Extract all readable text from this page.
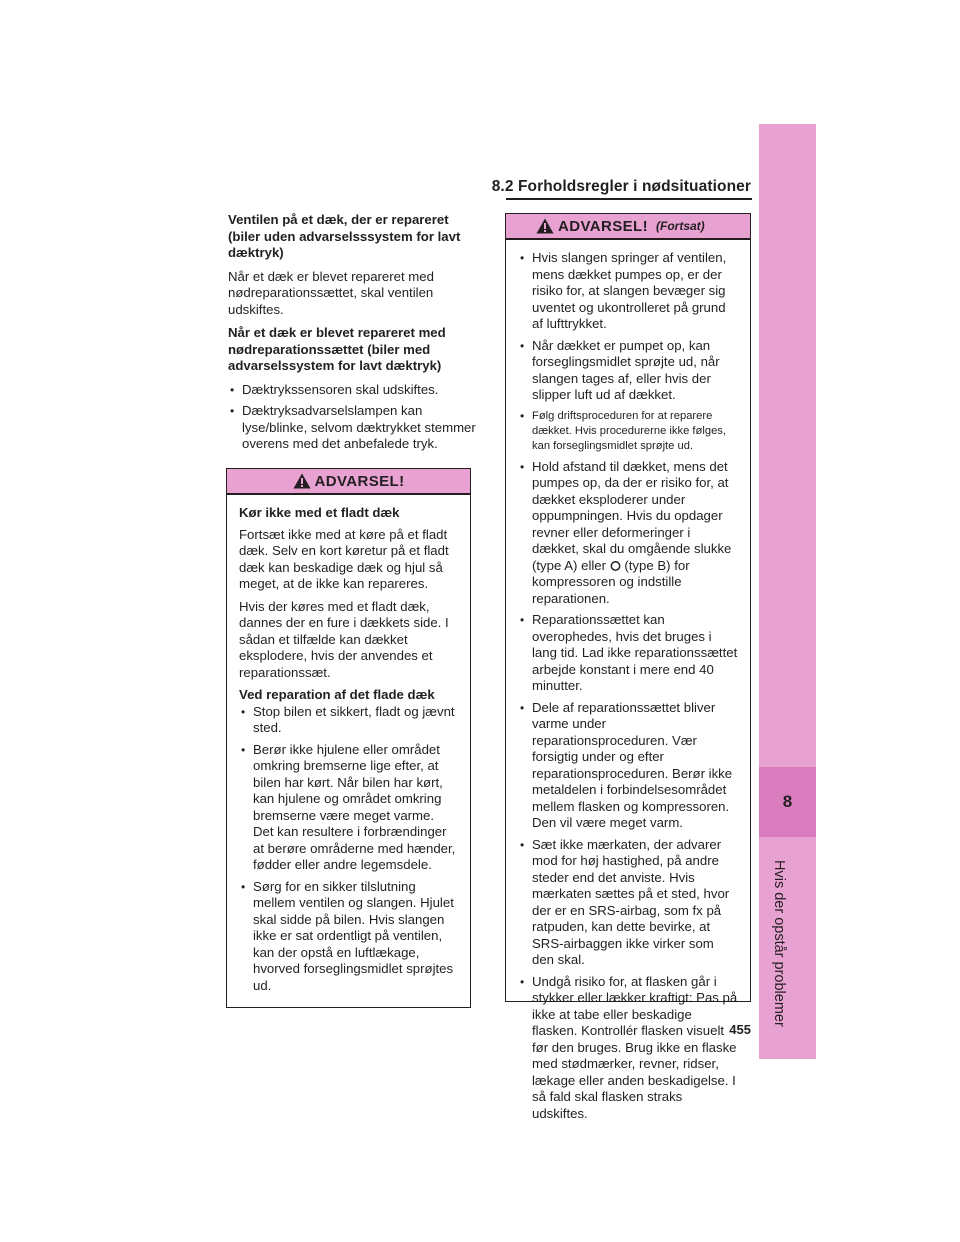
8.2 Forholdsregler i nødsituationer
8
Hvis der opstår problemer
Ventilen på et dæk, der er repareret (biler uden advarselsssystem for lavt dæktryk)

Når et dæk er blevet repareret med nødreparationssættet, skal ventilen udskiftes.

Når et dæk er blevet repareret med nødreparationssættet (biler med advarselssystem for lavt dæktryk)
• Dæktrykssensoren skal udskiftes.
• Dæktryksadvarselslampen kan lyse/blinke, selvom dæktrykket stemmer overens med det anbefalede tryk.
ADVARSEL!
Kør ikke med et fladt dæk

Fortsæt ikke med at køre på et fladt dæk. Selv en kort køretur på et fladt dæk kan beskadige dæk og hjul så meget, at de ikke kan repareres.

Hvis der køres med et fladt dæk, dannes der en fure i dækkets side. I sådan et tilfælde kan dækket eksplodere, hvis der anvendes et reparationssæt.

Ved reparation af det flade dæk
• Stop bilen et sikkert, fladt og jævnt sted.
• Berør ikke hjulene eller området omkring bremserne lige efter, at bilen har kørt. Når bilen har kørt, kan hjulene og området omkring bremserne være meget varme. Det kan resultere i forbrændinger at berøre områderne med hænder, fødder eller andre legemsdele.
• Sørg for en sikker tilslutning mellem ventilen og slangen. Hjulet skal sidde på bilen. Hvis slangen ikke er sat ordentligt på ventilen, kan der opstå en luftlækage, hvorved forseglingsmidlet sprøjtes ud.
ADVARSEL! (Fortsat)
• Hvis slangen springer af ventilen, mens dækket pumpes op, er der risiko for, at slangen bevæger sig uventet og ukontrolleret på grund af lufttrykket.
• Når dækket er pumpet op, kan forseglingsmidlet sprøjte ud, når slangen tages af, eller hvis der slipper luft ud af dækket.
• Følg driftsproceduren for at reparere dækket. Hvis procedurerne ikke følges, kan forseglingsmidlet sprøjte ud.
• Hold afstand til dækket, mens det pumpes op, da der er risiko for, at dækket eksploderer under oppumpningen. Hvis du opdager revner eller deformeringer i dækket, skal du omgående slukke (type A) eller (type B) for kompressoren og indstille reparationen.
• Reparationssættet kan overophedes, hvis det bruges i lang tid. Lad ikke reparationssættet arbejde konstant i mere end 40 minutter.
• Dele af reparationssættet bliver varme under reparationsproceduren. Vær forsigtig under og efter reparationsproceduren. Berør ikke metaldelen i forbindelsesområdet mellem flasken og kompressoren. Den vil være meget varm.
• Sæt ikke mærkaten, der advarer mod for høj hastighed, på andre steder end det anviste. Hvis mærkaten sættes på et sted, hvor der er en SRS-airbag, som fx på ratpuden, kan dette bevirke, at SRS-airbaggen ikke virker som den skal.
• Undgå risiko for, at flasken går i stykker eller lækker kraftigt: Pas på ikke at tabe eller beskadige flasken. Kontrollér flasken visuelt før den bruges. Brug ikke en flaske med stødmærker, revner, ridser, lækage eller anden beskadigelse. I så fald skal flasken straks udskiftes.
455
